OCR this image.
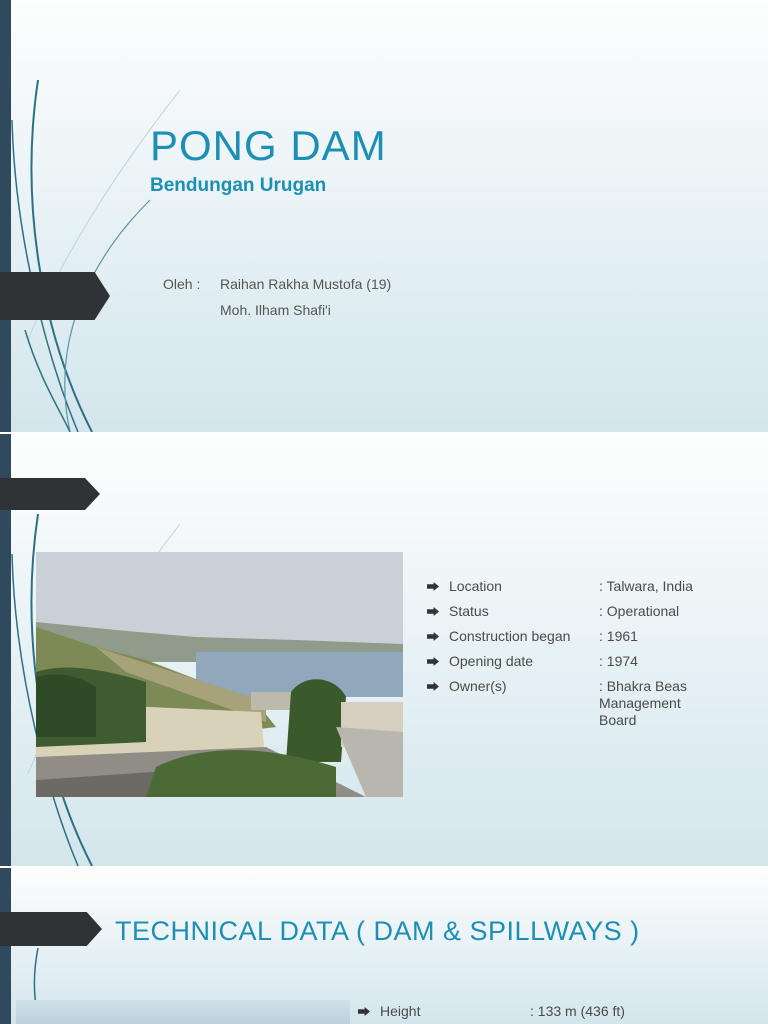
PONG DAM
Bendungan Urugan
Oleh : Raihan Rakha Mustofa (19)
Moh. Ilham Shafi'i
Location	: Talwara, India
Status	: Operational
Construction began	: 1961
Opening date	: 1974
Owner(s)	: Bhakra Beas Management Board
TECHNICAL DATA ( DAM & SPILLWAYS )
Height	: 133 m (436 ft)
